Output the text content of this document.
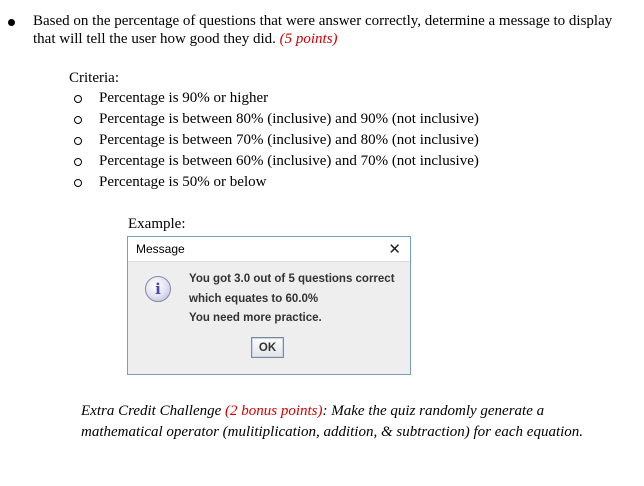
Based on the percentage of questions that were answer correctly, determine a message to display that will tell the user how good they did. (5 points)
Criteria:
Percentage is 90% or higher
Percentage is between 80% (inclusive) and 90% (not inclusive)
Percentage is between 70% (inclusive) and 80% (not inclusive)
Percentage is between 60% (inclusive) and 70% (not inclusive)
Percentage is 50% or below
Example:
Message	✕
i
You got 3.0 out of 5 questions correct
which equates to 60.0%
You need more practice.
OK
Extra Credit Challenge (2 bonus points): Make the quiz randomly generate a mathematical operator (mulitiplication, addition, & subtraction) for each equation.
